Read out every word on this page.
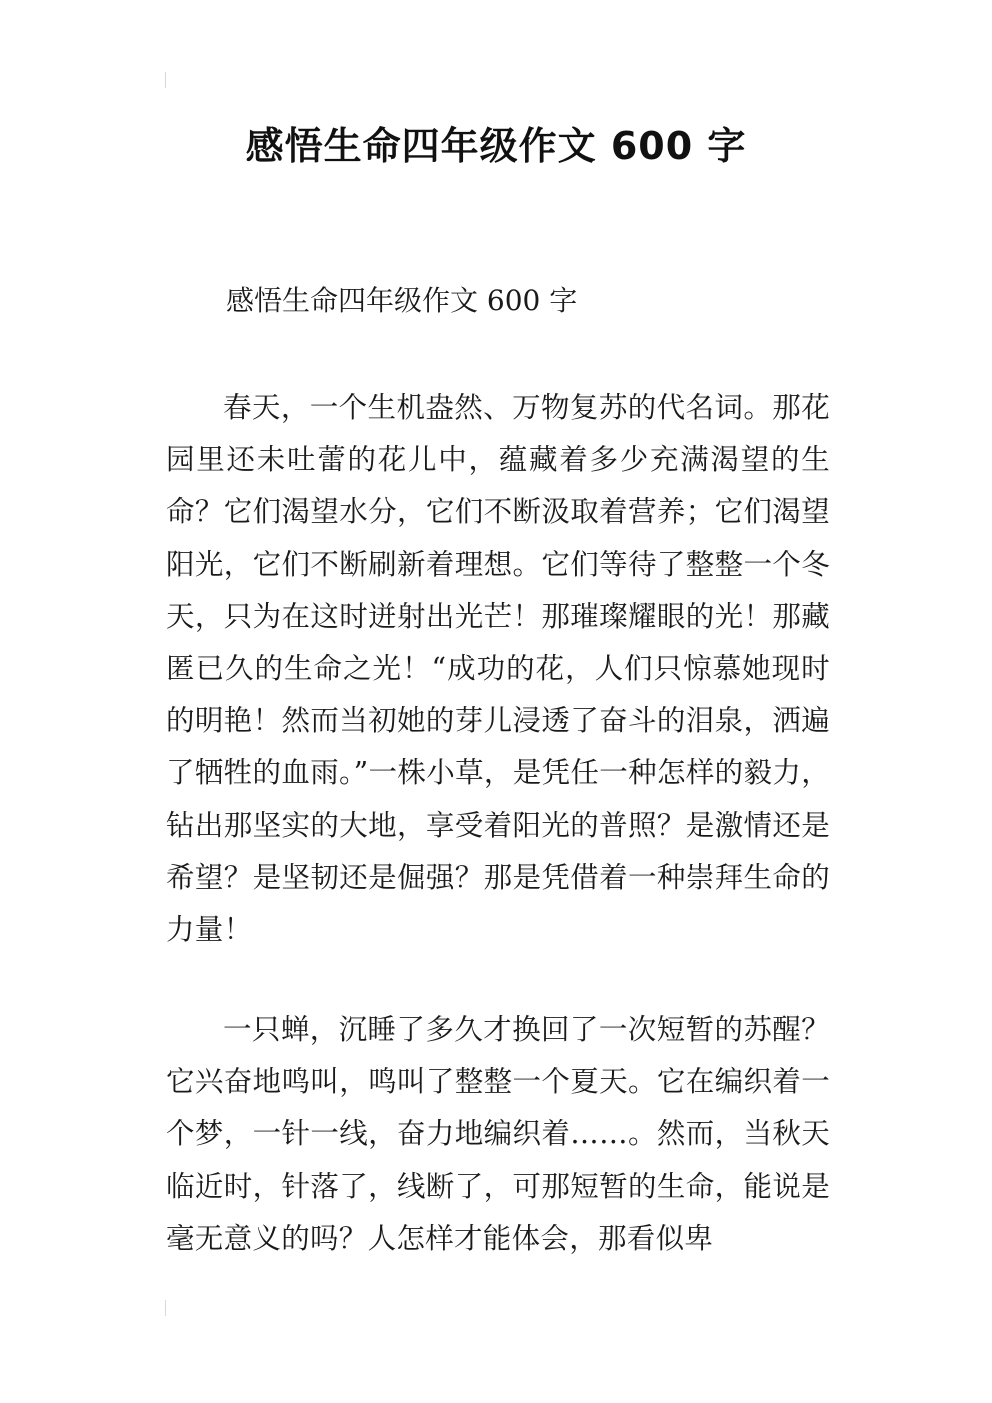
感悟生命四年级作文 600 字

感悟生命四年级作文 600 字

春天，一个生机盎然、万物复苏的代名词。那花园里还未吐蕾的花儿中，蕴藏着多少充满渴望的生命？它们渴望水分，它们不断汲取着营养；它们渴望阳光，它们不断刷新着理想。它们等待了整整一个冬天，只为在这时迸射出光芒！那璀璨耀眼的光！那藏匿已久的生命之光！“成功的花，人们只惊慕她现时的明艳！然而当初她的芽儿浸透了奋斗的泪泉，洒遍了牺牲的血雨。”一株小草，是凭任一种怎样的毅力，钻出那坚实的大地，享受着阳光的普照？是激情还是希望？是坚韧还是倔强？那是凭借着一种崇拜生命的力量！

一只蝉，沉睡了多久才换回了一次短暂的苏醒？它兴奋地鸣叫，鸣叫了整整一个夏天。它在编织着一个梦，一针一线，奋力地编织着……。然而，当秋天临近时，针落了，线断了，可那短暂的生命，能说是毫无意义的吗？人怎样才能体会，那看似卑
